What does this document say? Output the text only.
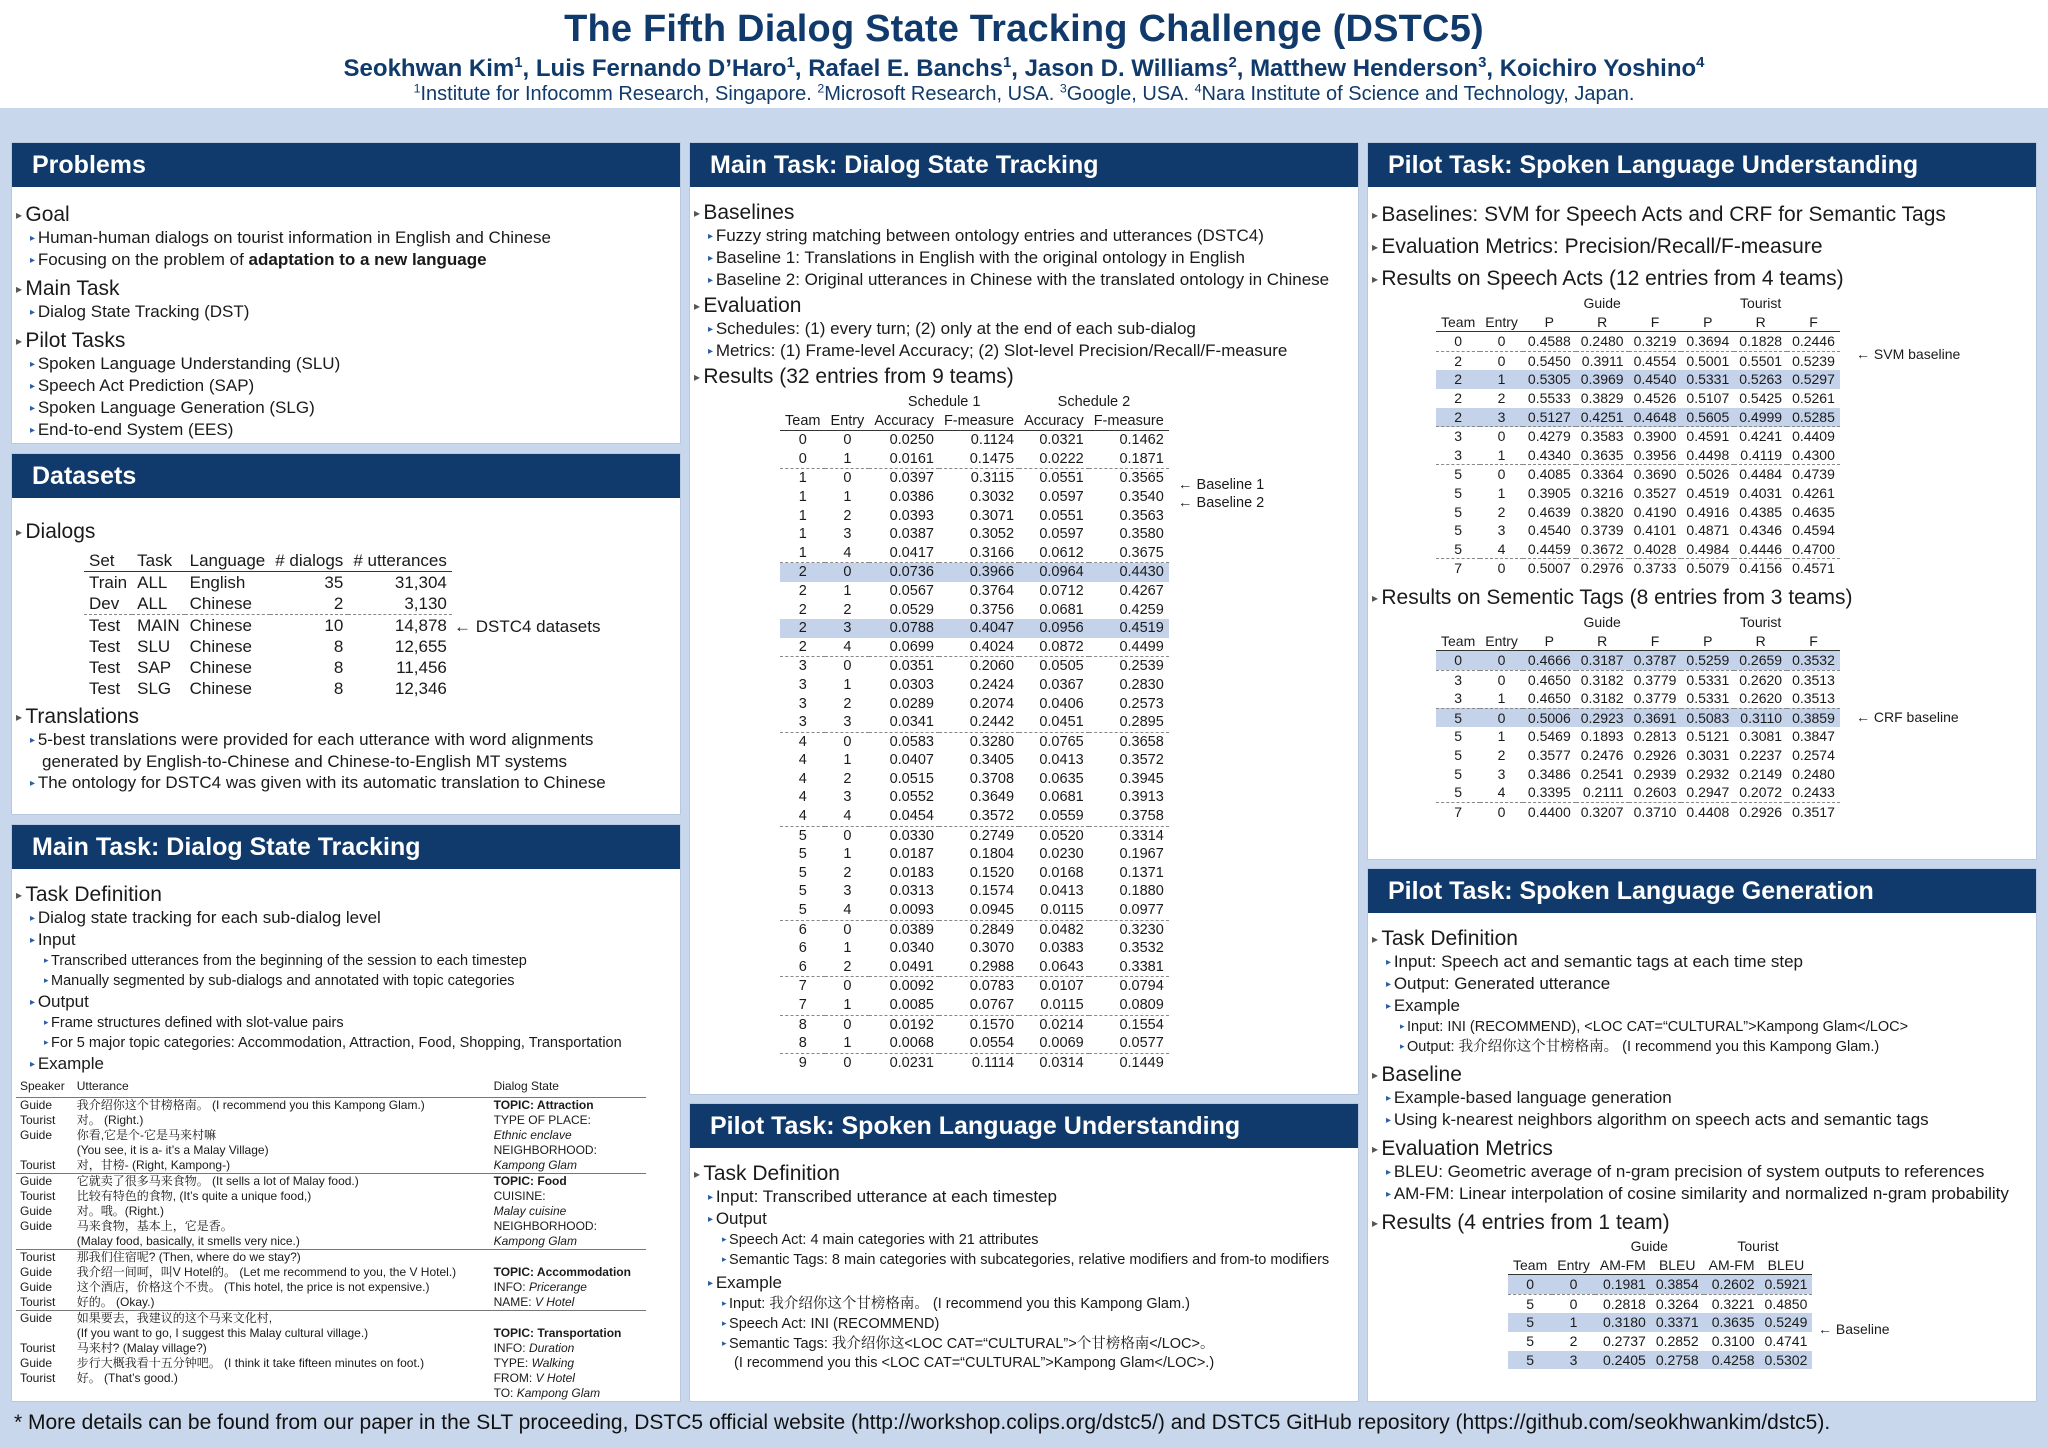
The Fifth Dialog State Tracking Challenge (DSTC5)
Seokhwan Kim$^1$, Luis Fernando D’Haro$^1$, Rafael E. Banchs$^1$, Jason D. Williams$^2$, Matthew Henderson$^3$, Koichiro Yoshino$^4$
$^1$Institute for Infocomm Research, Singapore. $^2$Microsoft Research, USA. $^3$Google, USA. $^4$Nara Institute of Science and Technology, Japan.
Problems
▸ Goal
▸ Human-human dialogs on tourist information in English and Chinese
▸ Focusing on the problem of adaptation to a new language
▸ Main Task
▸ Dialog State Tracking (DST)
▸ Pilot Tasks
▸ Spoken Language Understanding (SLU)
▸ Speech Act Prediction (SAP)
▸ Spoken Language Generation (SLG)
▸ End-to-end System (EES)
Datasets
▸ Dialogs
Set	Task	Language	# dialogs	# utterances
Train	ALL	English	35	31,304
Dev	ALL	Chinese	2	3,130
Test	MAIN	Chinese	10	14,878
Test	SLU	Chinese	8	12,655
Test	SAP	Chinese	8	11,456
Test	SLG	Chinese	8	12,346
← DSTC4 datasets
▸ Translations
▸ 5-best translations were provided for each utterance with word alignments
generated by English-to-Chinese and Chinese-to-English MT systems
▸ The ontology for DSTC4 was given with its automatic translation to Chinese
Main Task: Dialog State Tracking
▸ Task Definition
▸ Dialog state tracking for each sub-dialog level
▸ Input
▸ Transcribed utterances from the beginning of the session to each timestep
▸ Manually segmented by sub-dialogs and annotated with topic categories
▸ Output
▸ Frame structures defined with slot-value pairs
▸ For 5 major topic categories: Accommodation, Attraction, Food, Shopping, Transportation
▸ Example
Speaker	Utterance	Dialog State
Guide	我介绍你这个甘榜格南。 (I recommend you this Kampong Glam.)	TOPIC: Attraction
Tourist	对。 (Right.)	TYPE OF PLACE:
Guide	你看,它是个-它是马来村嘛	Ethnic enclave
	(You see, it is a- it’s a Malay Village)	NEIGHBORHOOD:
Tourist	对，甘榜- (Right, Kampong-)	Kampong Glam
Guide	它就卖了很多马来食物。 (It sells a lot of Malay food.)	TOPIC: Food
Tourist	比较有特色的食物, (It’s quite a unique food,)	CUISINE:
Guide	对。哦。(Right.)	Malay cuisine
Guide	马来食物，基本上，它是香。	NEIGHBORHOOD:
	(Malay food, basically, it smells very nice.)	Kampong Glam
Tourist	那我们住宿呢? (Then, where do we stay?)	
Guide	我介绍一间呵，叫V Hotel的。 (Let me recommend to you, the V Hotel.)	TOPIC: Accommodation
Guide	这个酒店，价格这个不贵。 (This hotel, the price is not expensive.)	INFO: Pricerange
Tourist	好的。 (Okay.)	NAME: V Hotel
Guide	如果要去，我建议的这个马来文化村,	
	(If you want to go, I suggest this Malay cultural village.)	TOPIC: Transportation
Tourist	马来村? (Malay village?)	INFO: Duration
Guide	步行大概我看十五分钟吧。 (I think it take fifteen minutes on foot.)	TYPE: Walking
Tourist	好。 (That’s good.)	FROM: V Hotel
		TO: Kampong Glam
Main Task: Dialog State Tracking
▸ Baselines
▸ Fuzzy string matching between ontology entries and utterances (DSTC4)
▸ Baseline 1: Translations in English with the original ontology in English
▸ Baseline 2: Original utterances in Chinese with the translated ontology in Chinese
▸ Evaluation
▸ Schedules: (1) every turn; (2) only at the end of each sub-dialog
▸ Metrics: (1) Frame-level Accuracy; (2) Slot-level Precision/Recall/F-measure
▸ Results (32 entries from 9 teams)
		Schedule 1		Schedule 2	
Team	Entry	Accuracy	F-measure	Accuracy	F-measure
0	0	0.0250	0.1124	0.0321	0.1462
0	1	0.0161	0.1475	0.0222	0.1871
1	0	0.0397	0.3115	0.0551	0.3565
1	1	0.0386	0.3032	0.0597	0.3540
1	2	0.0393	0.3071	0.0551	0.3563
1	3	0.0387	0.3052	0.0597	0.3580
1	4	0.0417	0.3166	0.0612	0.3675
2	0	0.0736	0.3966	0.0964	0.4430
2	1	0.0567	0.3764	0.0712	0.4267
2	2	0.0529	0.3756	0.0681	0.4259
2	3	0.0788	0.4047	0.0956	0.4519
2	4	0.0699	0.4024	0.0872	0.4499
3	0	0.0351	0.2060	0.0505	0.2539
3	1	0.0303	0.2424	0.0367	0.2830
3	2	0.0289	0.2074	0.0406	0.2573
3	3	0.0341	0.2442	0.0451	0.2895
4	0	0.0583	0.3280	0.0765	0.3658
4	1	0.0407	0.3405	0.0413	0.3572
4	2	0.0515	0.3708	0.0635	0.3945
4	3	0.0552	0.3649	0.0681	0.3913
4	4	0.0454	0.3572	0.0559	0.3758
5	0	0.0330	0.2749	0.0520	0.3314
5	1	0.0187	0.1804	0.0230	0.1967
5	2	0.0183	0.1520	0.0168	0.1371
5	3	0.0313	0.1574	0.0413	0.1880
5	4	0.0093	0.0945	0.0115	0.0977
6	0	0.0389	0.2849	0.0482	0.3230
6	1	0.0340	0.3070	0.0383	0.3532
6	2	0.0491	0.2988	0.0643	0.3381
7	0	0.0092	0.0783	0.0107	0.0794
7	1	0.0085	0.0767	0.0115	0.0809
8	0	0.0192	0.1570	0.0214	0.1554
8	1	0.0068	0.0554	0.0069	0.0577
9	0	0.0231	0.1114	0.0314	0.1449
← Baseline 1
← Baseline 2
Pilot Task: Spoken Language Understanding
▸ Task Definition
▸ Input: Transcribed utterance at each timestep
▸ Output
▸ Speech Act: 4 main categories with 21 attributes
▸ Semantic Tags: 8 main categories with subcategories, relative modifiers and from-to modifiers
▸ Example
▸ Input: 我介绍你这个甘榜格南。 (I recommend you this Kampong Glam.)
▸ Speech Act: INI (RECOMMEND)
▸ Semantic Tags: 我介绍你这<LOC CAT=“CULTURAL”>个甘榜格南</LOC>。
(I recommend you this <LOC CAT=“CULTURAL”>Kampong Glam</LOC>.)
Pilot Task: Spoken Language Understanding
▸ Baselines: SVM for Speech Acts and CRF for Semantic Tags
▸ Evaluation Metrics: Precision/Recall/F-measure
▸ Results on Speech Acts (12 entries from 4 teams)
		Guide			Tourist		
Team	Entry	P	R	F	P	R	F
0	0	0.4588	0.2480	0.3219	0.3694	0.1828	0.2446
2	0	0.5450	0.3911	0.4554	0.5001	0.5501	0.5239
2	1	0.5305	0.3969	0.4540	0.5331	0.5263	0.5297
2	2	0.5533	0.3829	0.4526	0.5107	0.5425	0.5261
2	3	0.5127	0.4251	0.4648	0.5605	0.4999	0.5285
3	0	0.4279	0.3583	0.3900	0.4591	0.4241	0.4409
3	1	0.4340	0.3635	0.3956	0.4498	0.4119	0.4300
5	0	0.4085	0.3364	0.3690	0.5026	0.4484	0.4739
5	1	0.3905	0.3216	0.3527	0.4519	0.4031	0.4261
5	2	0.4639	0.3820	0.4190	0.4916	0.4385	0.4635
5	3	0.4540	0.3739	0.4101	0.4871	0.4346	0.4594
5	4	0.4459	0.3672	0.4028	0.4984	0.4446	0.4700
7	0	0.5007	0.2976	0.3733	0.5079	0.4156	0.4571
← SVM baseline
▸ Results on Sementic Tags (8 entries from 3 teams)
		Guide			Tourist		
Team	Entry	P	R	F	P	R	F
0	0	0.4666	0.3187	0.3787	0.5259	0.2659	0.3532
3	0	0.4650	0.3182	0.3779	0.5331	0.2620	0.3513
3	1	0.4650	0.3182	0.3779	0.5331	0.2620	0.3513
5	0	0.5006	0.2923	0.3691	0.5083	0.3110	0.3859
5	1	0.5469	0.1893	0.2813	0.5121	0.3081	0.3847
5	2	0.3577	0.2476	0.2926	0.3031	0.2237	0.2574
5	3	0.3486	0.2541	0.2939	0.2932	0.2149	0.2480
5	4	0.3395	0.2111	0.2603	0.2947	0.2072	0.2433
7	0	0.4400	0.3207	0.3710	0.4408	0.2926	0.3517
← CRF baseline
Pilot Task: Spoken Language Generation
▸ Task Definition
▸ Input: Speech act and semantic tags at each time step
▸ Output: Generated utterance
▸ Example
▸ Input: INI (RECOMMEND), <LOC CAT=“CULTURAL”>Kampong Glam</LOC>
▸ Output: 我介绍你这个甘榜格南。 (I recommend you this Kampong Glam.)
▸ Baseline
▸ Example-based language generation
▸ Using k-nearest neighbors algorithm on speech acts and semantic tags
▸ Evaluation Metrics
▸ BLEU: Geometric average of n-gram precision of system outputs to references
▸ AM-FM: Linear interpolation of cosine similarity and normalized n-gram probability
▸ Results (4 entries from 1 team)
		Guide		Tourist	
Team	Entry	AM-FM	BLEU	AM-FM	BLEU
0	0	0.1981	0.3854	0.2602	0.5921
5	0	0.2818	0.3264	0.3221	0.4850
5	1	0.3180	0.3371	0.3635	0.5249
5	2	0.2737	0.2852	0.3100	0.4741
5	3	0.2405	0.2758	0.4258	0.5302
← Baseline
* More details can be found from our paper in the SLT proceeding, DSTC5 official website (http://workshop.colips.org/dstc5/) and DSTC5 GitHub repository (https://github.com/seokhwankim/dstc5).
